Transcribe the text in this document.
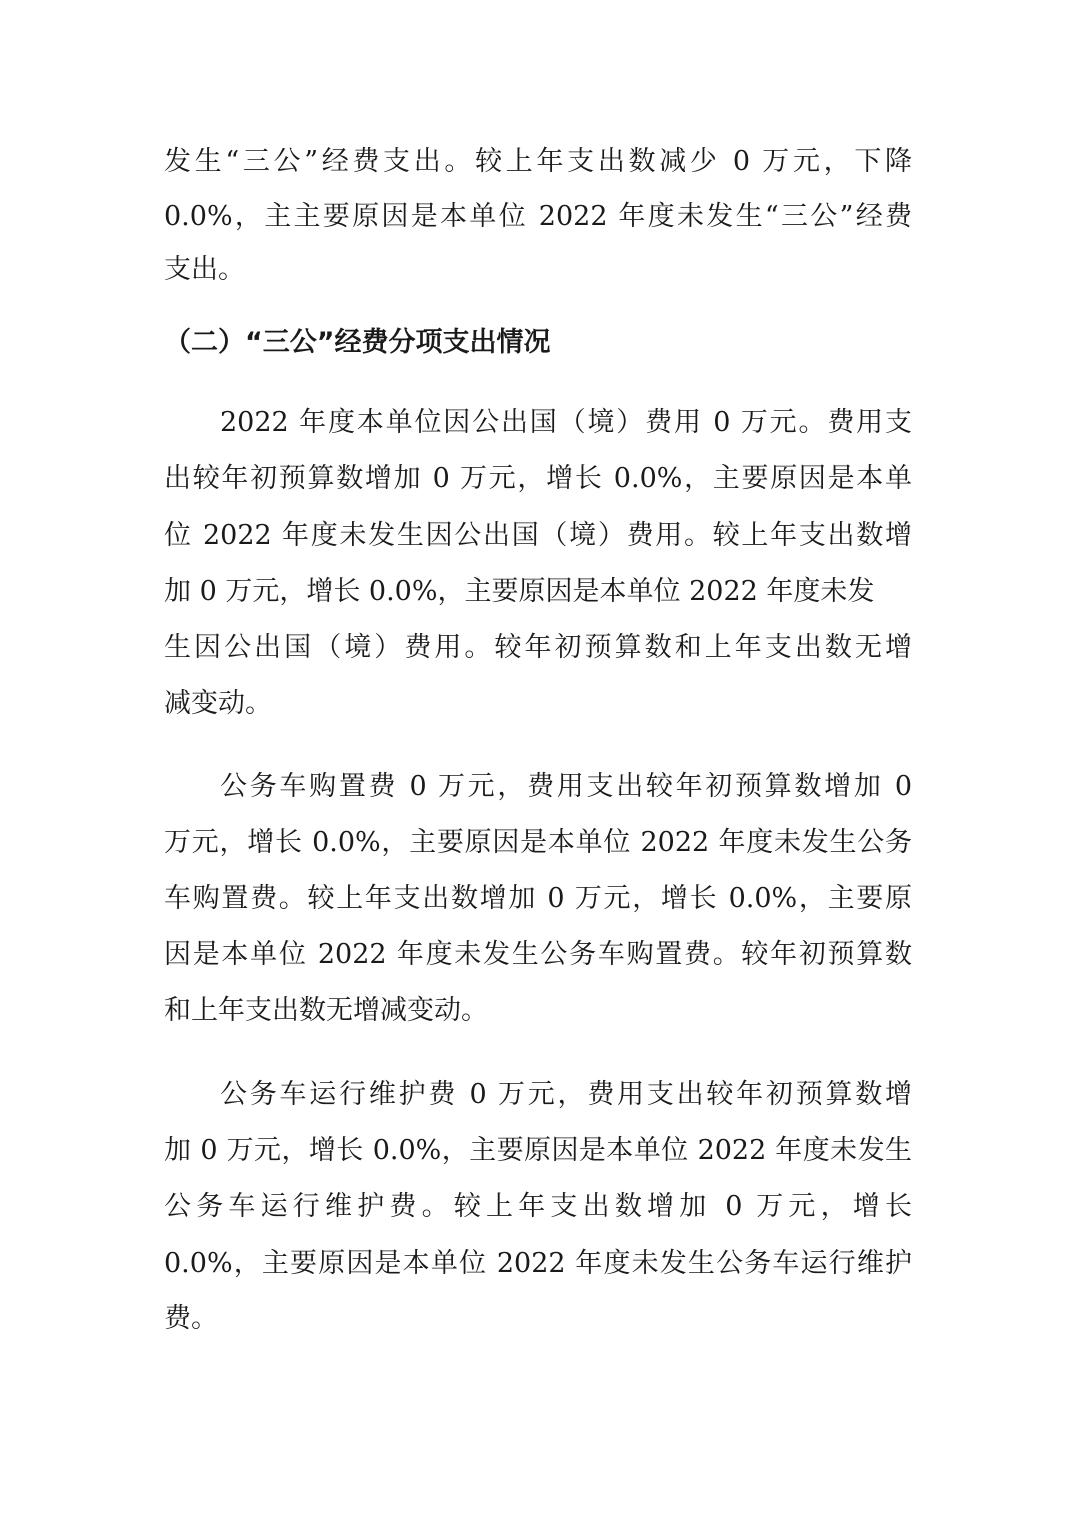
发生“三公”经费支出。较上年支出数减少 0 万元，下降
0.0%，主主要原因是本单位 2022 年度未发生“三公”经费
支出。
（二）“三公”经费分项支出情况
2022 年度本单位因公出国（境）费用 0 万元。费用支
出较年初预算数增加 0 万元，增长 0.0%，主要原因是本单
位 2022 年度未发生因公出国（境）费用。较上年支出数增
加 0 万元，增长 0.0%，主要原因是本单位 2022 年度未发
生因公出国（境）费用。较年初预算数和上年支出数无增
减变动。
公务车购置费 0 万元，费用支出较年初预算数增加 0
万元，增长 0.0%，主要原因是本单位 2022 年度未发生公务
车购置费。较上年支出数增加 0 万元，增长 0.0%，主要原
因是本单位 2022 年度未发生公务车购置费。较年初预算数
和上年支出数无增减变动。
公务车运行维护费 0 万元，费用支出较年初预算数增
加 0 万元，增长 0.0%，主要原因是本单位 2022 年度未发生
公务车运行维护费。较上年支出数增加 0 万元，增长
0.0%，主要原因是本单位 2022 年度未发生公务车运行维护
费。
